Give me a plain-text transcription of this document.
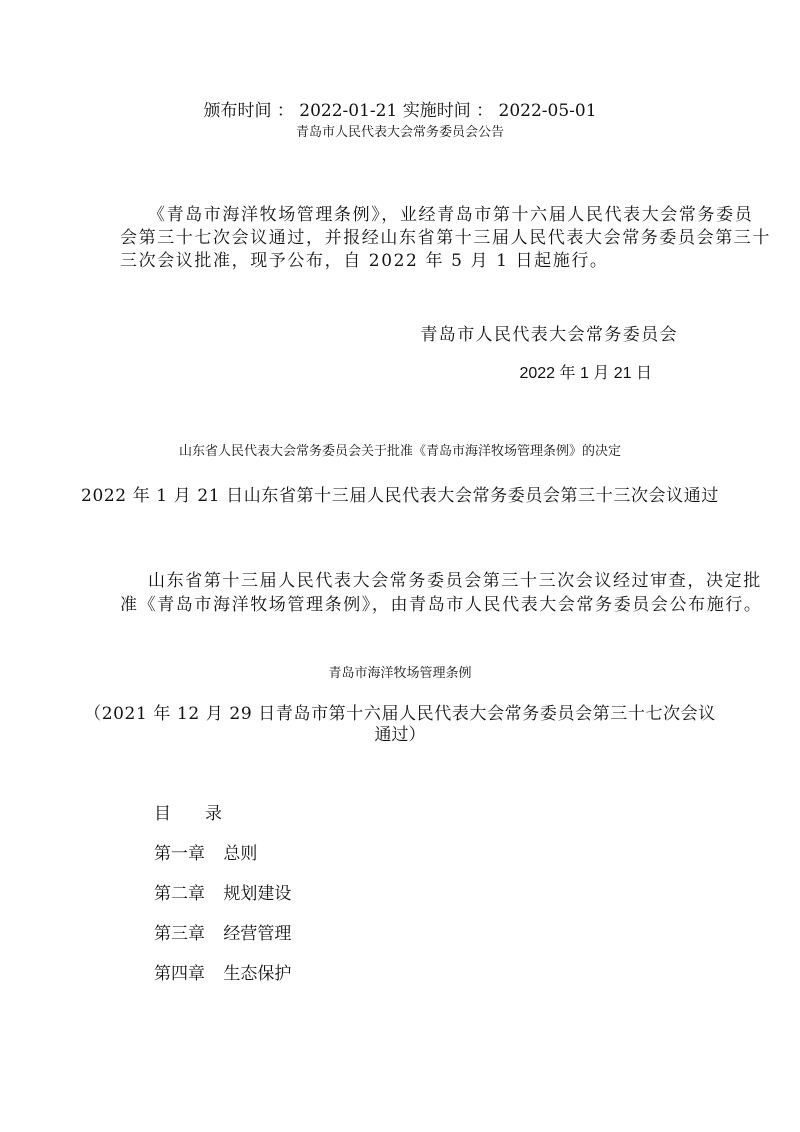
颁布时间 ： 2022-01-21 实施时间 ： 2022-05-01
青岛市人民代表大会常务委员会公告
《青岛市海洋牧场管理条例》，业经青岛市第十六届人民代表大会常务委员
会第三十七次会议通过，并报经山东省第十三届人民代表大会常务委员会第三十
三次会议批准，现予公布，自 2022 年 5 月 1 日起施行。
青岛市人民代表大会常务委员会
2022 年 1 月 21 日
山东省人民代表大会常务委员会关于批准《青岛市海洋牧场管理条例》的决定
2022 年 1 月 21 日山东省第十三届人民代表大会常务委员会第三十三次会议通过
山东省第十三届人民代表大会常务委员会第三十三次会议经过审查，决定批
准《青岛市海洋牧场管理条例》，由青岛市人民代表大会常务委员会公布施行。
青岛市海洋牧场管理条例
（2021 年 12 月 29 日青岛市第十六届人民代表大会常务委员会第三十七次会议
通过）
目录
第一章 总则
第二章 规划建设
第三章 经营管理
第四章 生态保护
